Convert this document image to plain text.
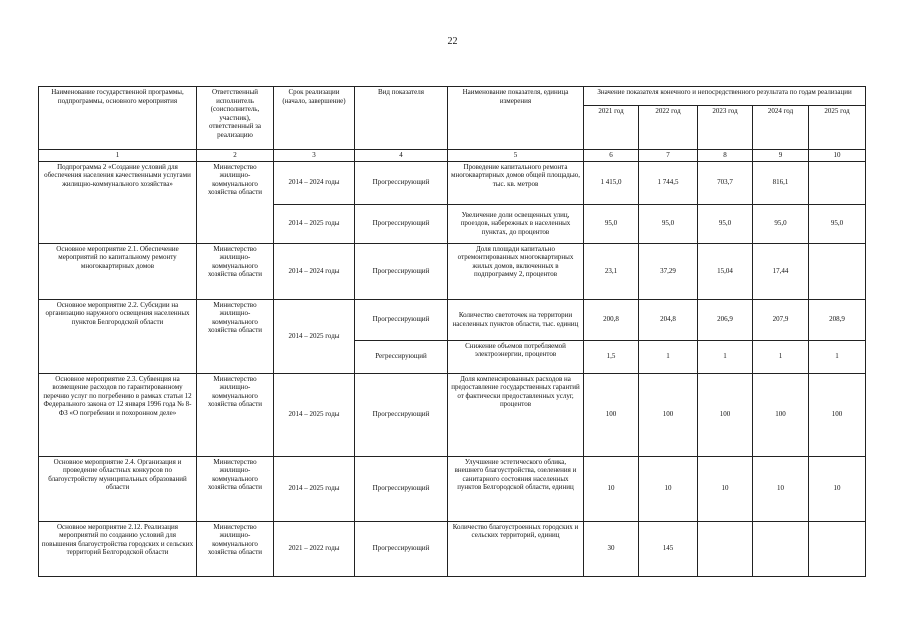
22
Наименование государственной программы, подпрограммы, основного мероприятия	Ответственный исполнитель (соисполнитель, участник), ответственный за реализацию	Срок реализации (начало, завершение)	Вид показателя	Наименование показателя, единица измерения	Значение показателя конечного и непосредственного результата по годам реализации				
					2021 год	2022 год	2023 год	2024 год	2025 год
1	2	3	4	5	6	7	8	9	10
Подпрограмма 2 «Создание условий для обеспечения населения качественными услугами жилищно-коммунального хозяйства»	Министерство жилищно-коммунального хозяйства области	2014 – 2024 годы	Прогрессирующий	Проведение капитального ремонта многоквартирных домов общей площадью, тыс. кв. метров	1 415,0	1 744,5	703,7	816,1	
		2014 – 2025 годы	Прогрессирующий	Увеличение доли освещенных улиц, проездов, набережных в населенных пунктах, до процентов	95,0	95,0	95,0	95,0	95,0
Основное мероприятие 2.1. Обеспечение мероприятий по капитальному ремонту многоквартирных домов	Министерство жилищно-коммунального хозяйства области	2014 – 2024 годы	Прогрессирующий	Доля площади капитально отремонтированных многоквартирных жилых домов, включенных в подпрограмму 2, процентов	23,1	37,29	15,04	17,44	
Основное мероприятие 2.2. Субсидии на организацию наружного освещения населенных пунктов Белгородской области	Министерство жилищно-коммунального хозяйства области	2014 – 2025 годы	Прогрессирующий	Количество светоточек на территории населенных пунктов области, тыс. единиц	200,8	204,8	206,9	207,9	208,9
			Регрессирующий	Снижение объемов потребляемой электроэнергии, процентов	1,5	1	1	1	1
Основное мероприятие 2.3. Субвенция на возмещение расходов по гарантированному перечню услуг по погребению в рамках статьи 12 Федерального закона от 12 января 1996 года № 8-ФЗ «О погребении и похоронном деле»	Министерство жилищно-коммунального хозяйства области	2014 – 2025 годы	Прогрессирующий	Доля компенсированных расходов на предоставление государственных гарантий от фактически предоставленных услуг, процентов	100	100	100	100	100
Основное мероприятие 2.4. Организация и проведение областных конкурсов по благоустройству муниципальных образований области	Министерство жилищно-коммунального хозяйства области	2014 – 2025 годы	Прогрессирующий	Улучшение эстетического облика, внешнего благоустройства, озеленения и санитарного состояния населенных пунктов Белгородской области, единиц	10	10	10	10	10
Основное мероприятие 2.12. Реализация мероприятий по созданию условий для повышения благоустройства городских и сельских территорий Белгородской области	Министерство жилищно-коммунального хозяйства области	2021 – 2022 годы	Прогрессирующий	Количество благоустроенных городских и сельских территорий, единиц	30	145			
